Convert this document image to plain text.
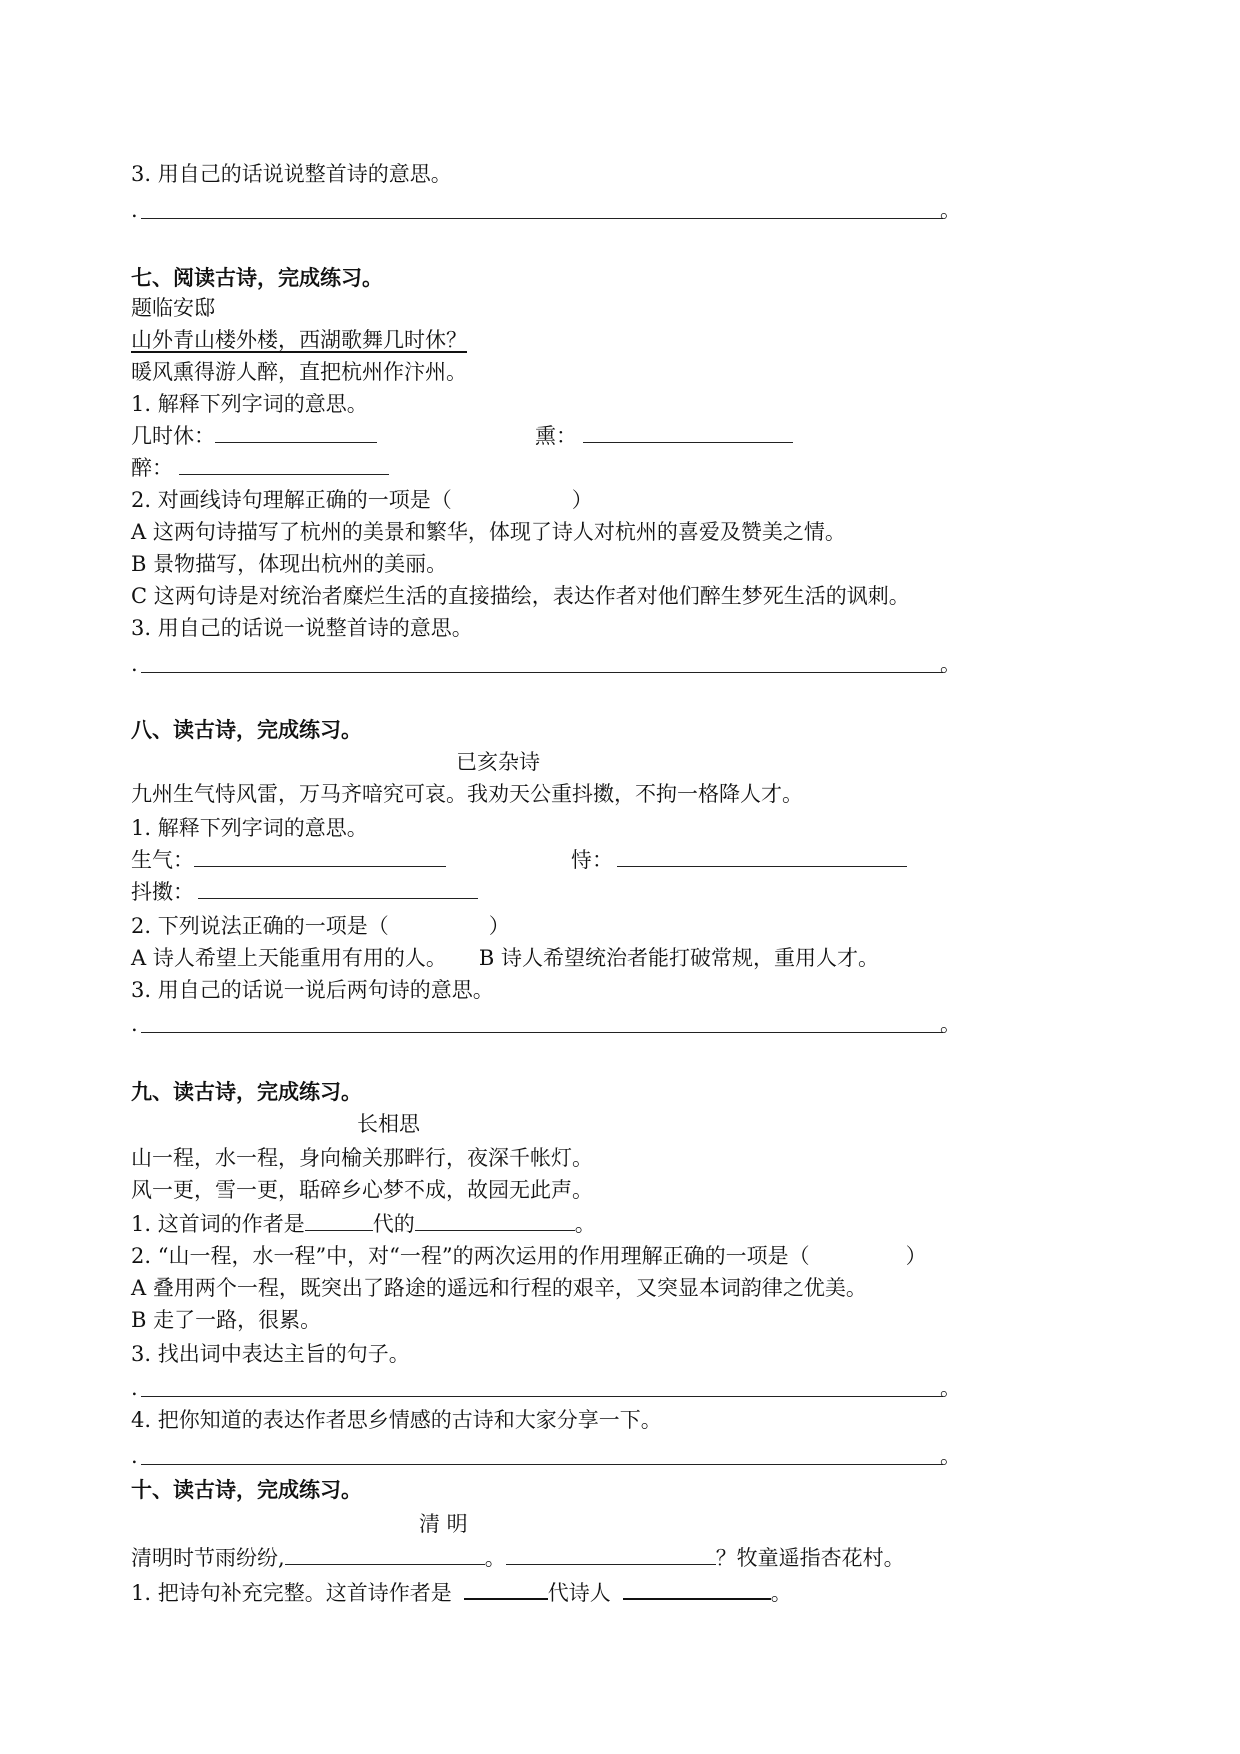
3. 用自己的话说说整首诗的意思。
.	。
七、阅读古诗，完成练习。
题临安邸
山外青山楼外楼，西湖歌舞几时休？
暖风熏得游人醉，直把杭州作汴州。
1. 解释下列字词的意思。
几时休：	熏：
醉：
2. 对画线诗句理解正确的一项是（	）
A 这两句诗描写了杭州的美景和繁华，体现了诗人对杭州的喜爱及赞美之情。
B 景物描写，体现出杭州的美丽。
C 这两句诗是对统治者糜烂生活的直接描绘，表达作者对他们醉生梦死生活的讽刺。
3. 用自己的话说一说整首诗的意思。
.	。
八、读古诗，完成练习。
已亥杂诗
九州生气恃风雷，万马齐喑究可哀。我劝天公重抖擞，不拘一格降人才。
1. 解释下列字词的意思。
生气：	恃：
抖擞：
2. 下列说法正确的一项是（	）
A 诗人希望上天能重用有用的人。 B 诗人希望统治者能打破常规，重用人才。
3. 用自己的话说一说后两句诗的意思。
.	。
九、读古诗，完成练习。
长相思
山一程，水一程，身向榆关那畔行，夜深千帐灯。
风一更，雪一更，聒碎乡心梦不成，故园无此声。
1. 这首词的作者是	代的	。
2. “山一程，水一程”中，对“一程”的两次运用的作用理解正确的一项是（	）
A 叠用两个一程，既突出了路途的遥远和行程的艰辛，又突显本词韵律之优美。
B 走了一路，很累。
3. 找出词中表达主旨的句子。
.	。
4. 把你知道的表达作者思乡情感的古诗和大家分享一下。
.	。
十、读古诗，完成练习。
清 明
清明时节雨纷纷,	。	？牧童遥指杏花村。
1. 把诗句补充完整。这首诗作者是	代诗人	。
